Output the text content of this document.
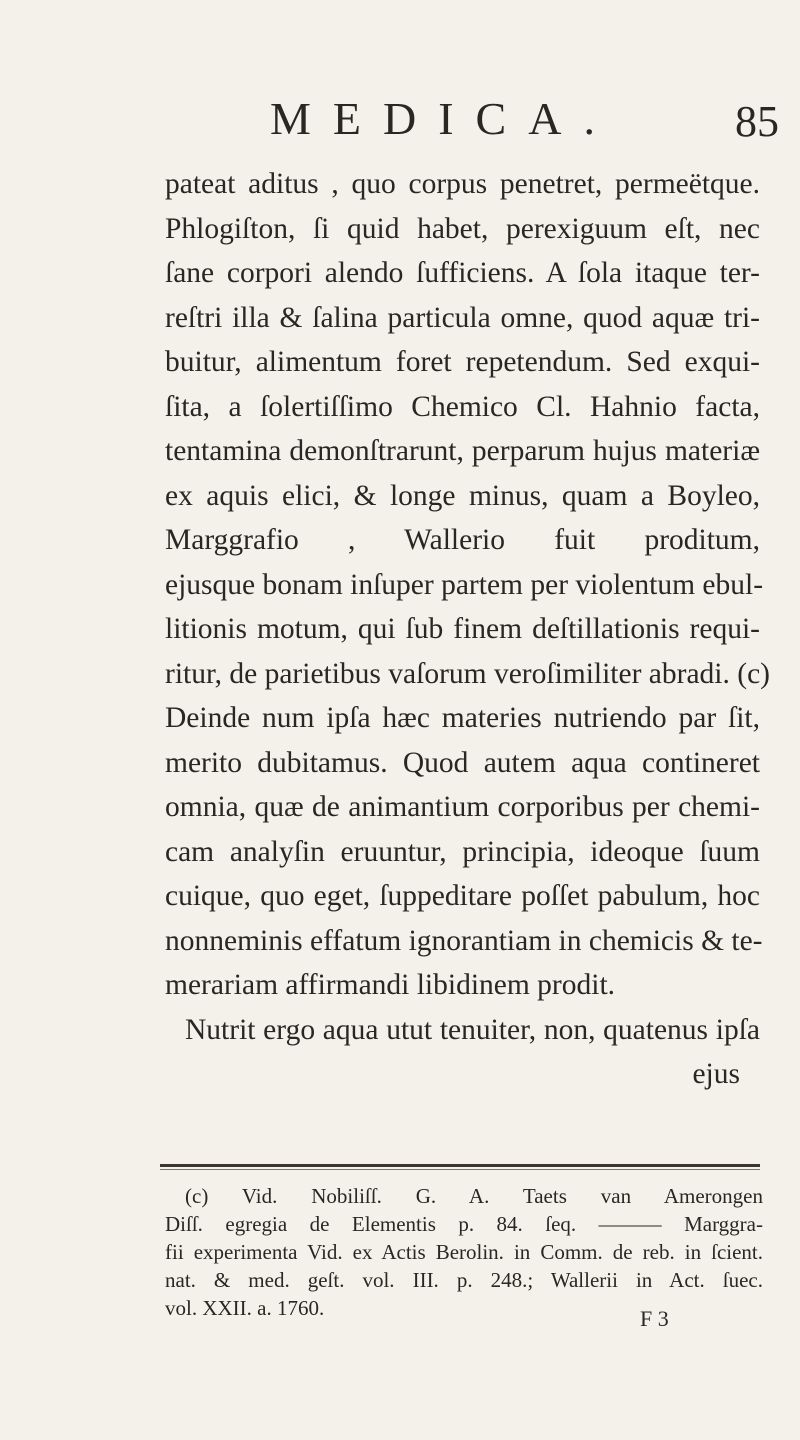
MEDICA.	85
pateat aditus , quo corpus penetret, permeëtque.
Phlogiſton, ſi quid habet, perexiguum eſt, nec
ſane corpori alendo ſufficiens. A ſola itaque ter-
reſtri illa & ſalina particula omne, quod aquæ tri-
buitur, alimentum foret repetendum. Sed exqui-
ſita, a ſolertiſſimo Chemico Cl. Hahnio facta,
tentamina demonſtrarunt, perparum hujus materiæ
ex aquis elici, & longe minus, quam a Boyleo,
Marggrafio , Wallerio fuit proditum,
ejusque bonam inſuper partem per violentum ebul-
litionis motum, qui ſub finem deſtillationis requi-
ritur, de parietibus vaſorum veroſimiliter abradi. (c)
Deinde num ipſa hæc materies nutriendo par ſit,
merito dubitamus. Quod autem aqua contineret
omnia, quæ de animantium corporibus per chemi-
cam analyſin eruuntur, principia, ideoque ſuum
cuique, quo eget, ſuppeditare poſſet pabulum, hoc
nonneminis effatum ignorantiam in chemicis & te-
merariam affirmandi libidinem prodit.
Nutrit ergo aqua utut tenuiter, non, quatenus ipſa
ejus
(c) Vid. Nobiliſſ. G. A. Taets van Amerongen
Diſſ. egregia de Elementis p. 84. ſeq. ——— Marggra-
fii experimenta Vid. ex Actis Berolin. in Comm. de reb. in ſcient.
nat. & med. geſt. vol. III. p. 248.; Wallerii in Act. ſuec.
vol. XXII. a. 1760.	F 3
